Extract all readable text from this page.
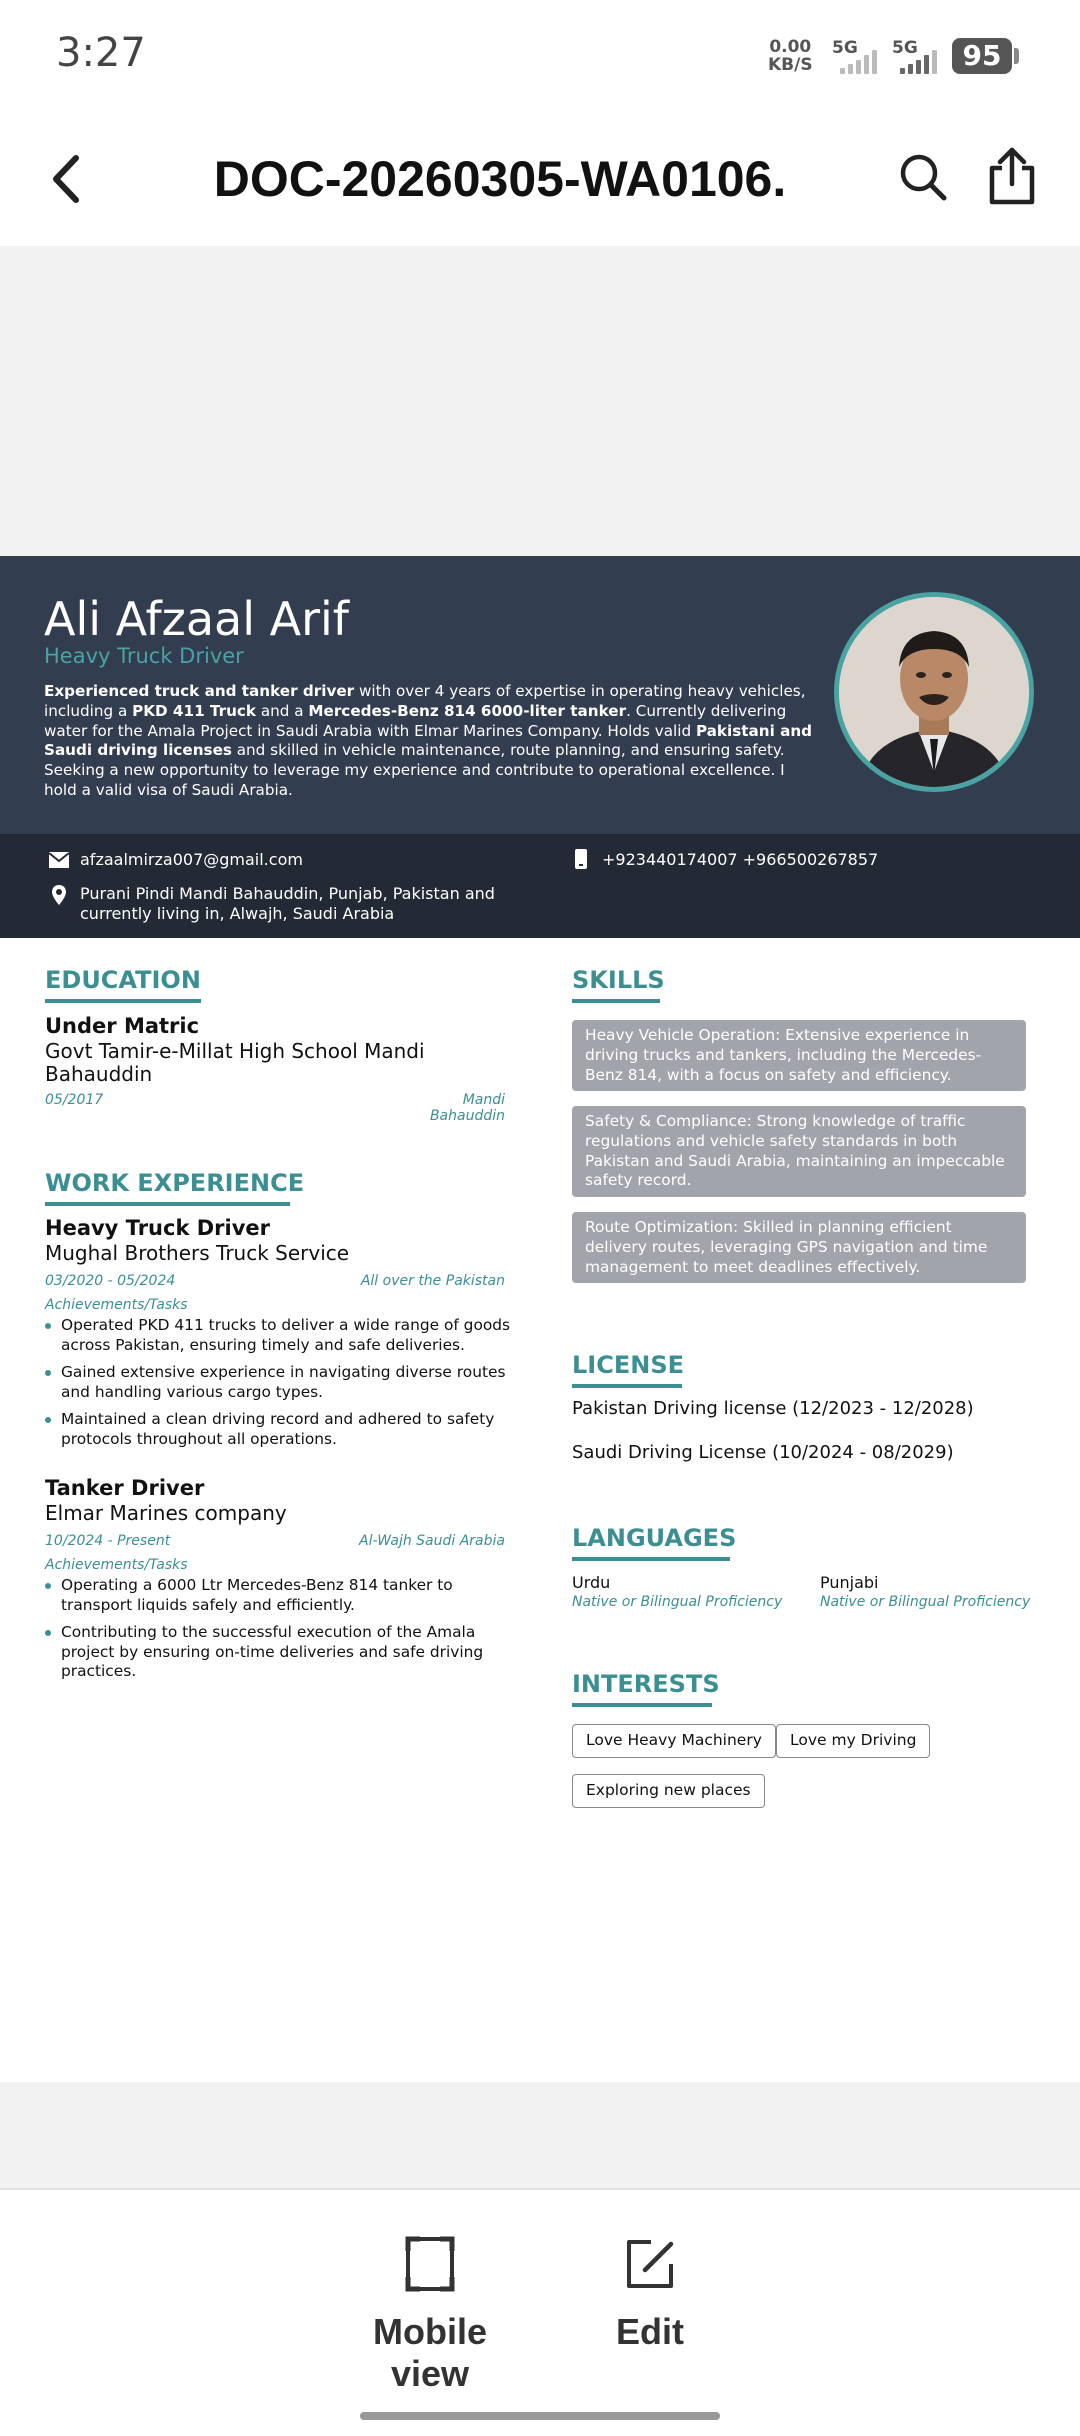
3:27	0.00
KB/S
5G 5G	95
DOC-20260305-WA0106.
Ali Afzaal Arif
Heavy Truck Driver
Experienced truck and tanker driver with over 4 years of expertise in operating heavy vehicles, including a PKD 411 Truck and a Mercedes-Benz 814 6000-liter tanker. Currently delivering water for the Amala Project in Saudi Arabia with Elmar Marines Company. Holds valid Pakistani and Saudi driving licenses and skilled in vehicle maintenance, route planning, and ensuring safety. Seeking a new opportunity to leverage my experience and contribute to operational excellence. I hold a valid visa of Saudi Arabia.
afzaalmirza007@gmail.com	+923440174007 +966500267857
Purani Pindi Mandi Bahauddin, Punjab, Pakistan and
currently living in, Alwajh, Saudi Arabia
EDUCATION
Under Matric
Govt Tamir-e-Millat High School Mandi
Bahauddin
05/2017	Mandi Bahauddin
WORK EXPERIENCE
Heavy Truck Driver
Mughal Brothers Truck Service
03/2020 - 05/2024	All over the Pakistan
Achievements/Tasks
Operated PKD 411 trucks to deliver a wide range of goods across Pakistan, ensuring timely and safe deliveries.
Gained extensive experience in navigating diverse routes and handling various cargo types.
Maintained a clean driving record and adhered to safety protocols throughout all operations.
Tanker Driver
Elmar Marines company
10/2024 - Present	Al-Wajh Saudi Arabia
Achievements/Tasks
Operating a 6000 Ltr Mercedes-Benz 814 tanker to transport liquids safely and efficiently.
Contributing to the successful execution of the Amala project by ensuring on-time deliveries and safe driving practices.
SKILLS
Heavy Vehicle Operation: Extensive experience in driving trucks and tankers, including the Mercedes-Benz 814, with a focus on safety and efficiency.
Safety & Compliance: Strong knowledge of traffic regulations and vehicle safety standards in both Pakistan and Saudi Arabia, maintaining an impeccable safety record.
Route Optimization: Skilled in planning efficient delivery routes, leveraging GPS navigation and time management to meet deadlines effectively.
LICENSE
Pakistan Driving license (12/2023 - 12/2028)
Saudi Driving License (10/2024 - 08/2029)
LANGUAGES
Urdu
Native or Bilingual Proficiency
Punjabi
Native or Bilingual Proficiency
INTERESTS
Love Heavy Machinery	Love my Driving
Exploring new places
Mobile view
Edit
